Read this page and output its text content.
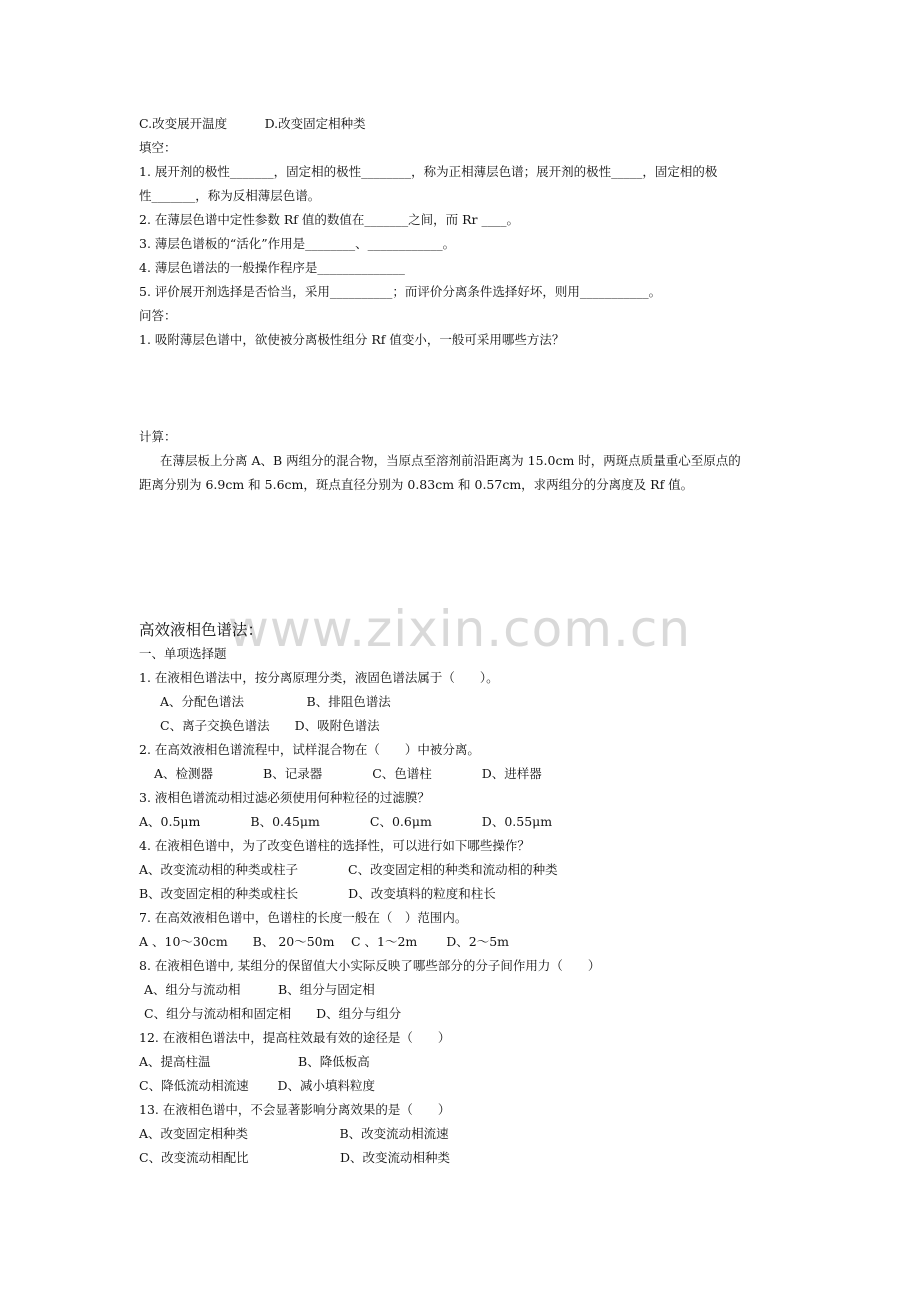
www.zixin.com.cn
C.改变展开温度　　　D.改变固定相种类
填空：
1. 展开剂的极性_______，固定相的极性________，称为正相薄层色谱；展开剂的极性_____，固定相的极
性_______，称为反相薄层色谱。
2. 在薄层色谱中定性参数 Rf 值的数值在_______之间，而 Rr ____。
3. 薄层色谱板的“活化”作用是________、____________。
4. 薄层色谱法的一般操作程序是______________
5. 评价展开剂选择是否恰当，采用__________；而评价分离条件选择好坏，则用___________。
问答：
1. 吸附薄层色谱中，欲使被分离极性组分 Rf 值变小，一般可采用哪些方法？
计算：
在薄层板上分离 A、B 两组分的混合物，当原点至溶剂前沿距离为 15.0cm 时，两斑点质量重心至原点的
距离分别为 6.9cm 和 5.6cm，斑点直径分别为 0.83cm 和 0.57cm，求两组分的分离度及 Rf 值。
高效液相色谱法：
一、单项选择题
1. 在液相色谱法中，按分离原理分类，液固色谱法属于（　　）。
A、分配色谱法　　　　　B、排阻色谱法
C、离子交换色谱法　　D、吸附色谱法
2. 在高效液相色谱流程中，试样混合物在（　　）中被分离。
A、检测器　　　　B、记录器　　　　C、色谱柱　　　　D、进样器
3. 液相色谱流动相过滤必须使用何种粒径的过滤膜？
A、0.5μm　　　　B、0.45μm　　　　C、0.6μm　　　　D、0.55μm
4. 在液相色谱中，为了改变色谱柱的选择性，可以进行如下哪些操作？
A、改变流动相的种类或柱子　　　　C、改变固定相的种类和流动相的种类
B、改变固定相的种类或柱长　　　　D、改变填料的粒度和柱长
7. 在高效液相色谱中，色谱柱的长度一般在（　）范围内。
A 、10～30cm　　B、 20～50m　 C 、1～2m　　 D、2～5m
8. 在液相色谱中, 某组分的保留值大小实际反映了哪些部分的分子间作用力（　　）
A、组分与流动相　　　B、组分与固定相
C、组分与流动相和固定相　　D、组分与组分
12. 在液相色谱法中，提高柱效最有效的途径是（　　）
A、提高柱温　　　　　　　B、降低板高
C、降低流动相流速　　 D、减小填料粒度
13. 在液相色谱中，不会显著影响分离效果的是（　　）
A、改变固定相种类　　　　　　　 B、改变流动相流速
C、改变流动相配比　　　　　　　 D、改变流动相种类
